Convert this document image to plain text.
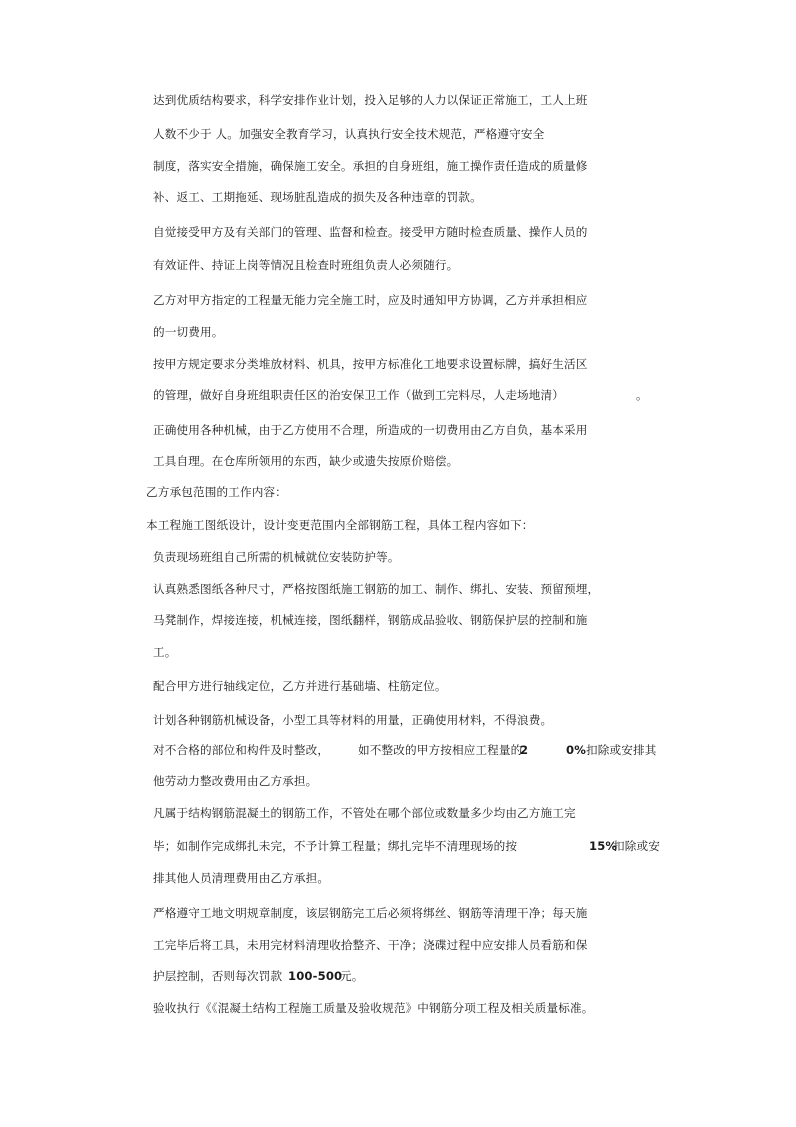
达到优质结构要求，科学安排作业计划，投入足够的人力以保证正常施工，工人上班

人数不少于 人。加强安全教育学习，认真执行安全技术规范，严格遵守安全

制度，落实安全措施，确保施工安全。承担的自身班组，施工操作责任造成的质量修

补、返工、工期拖延、现场脏乱造成的损失及各种违章的罚款。

自觉接受甲方及有关部门的管理、监督和检查。接受甲方随时检查质量、操作人员的

有效证件、持证上岗等情况且检查时班组负责人必须随行。

乙方对甲方指定的工程量无能力完全施工时，应及时通知甲方协调，乙方并承担相应

的一切费用。

按甲方规定要求分类堆放材料、机具，按甲方标准化工地要求设置标牌，搞好生活区

的管理，做好自身班组职责任区的治安保卫工作（做到工完料尽，人走场地清）	。

正确使用各种机械，由于乙方使用不合理，所造成的一切费用由乙方自负，基本采用

工具自理。在仓库所领用的东西，缺少或遗失按原价赔偿。

乙方承包范围的工作内容：

本工程施工图纸设计，设计变更范围内全部钢筋工程，具体工程内容如下：

负责现场班组自己所需的机械就位安装防护等。

认真熟悉图纸各种尺寸，严格按图纸施工钢筋的加工、制作、绑扎、安装、预留预埋，

马凳制作，焊接连接，机械连接，图纸翻样，钢筋成品验收、钢筋保护层的控制和施

工。

配合甲方进行轴线定位，乙方并进行基础墙、柱筋定位。

计划各种钢筋机械设备，小型工具等材料的用量，正确使用材料，不得浪费。

对不合格的部位和构件及时整改， 如不整改的甲方按相应工程量的
2	0% 扣除或安排其

他劳动力整改费用由乙方承担。

凡属于结构钢筋混凝土的钢筋工作，不管处在哪个部位或数量多少均由乙方施工完

毕；如制作完成绑扎未完，不予计算工程量；绑扎完毕不清理现场的按	15%
扣除或安

排其他人员清理费用由乙方承担。

严格遵守工地文明规章制度，该层钢筋完工后必须将绑丝、钢筋等清理干净；每天施

工完毕后将工具，未用完材料清理收拾整齐、干净；浇碟过程中应安排人员看筋和保

护层控制，否则每次罚款 100-500
元。

验收执行《《混凝土结构工程施工质量及验收规范》中钢筋分项工程及相关质量标准。
